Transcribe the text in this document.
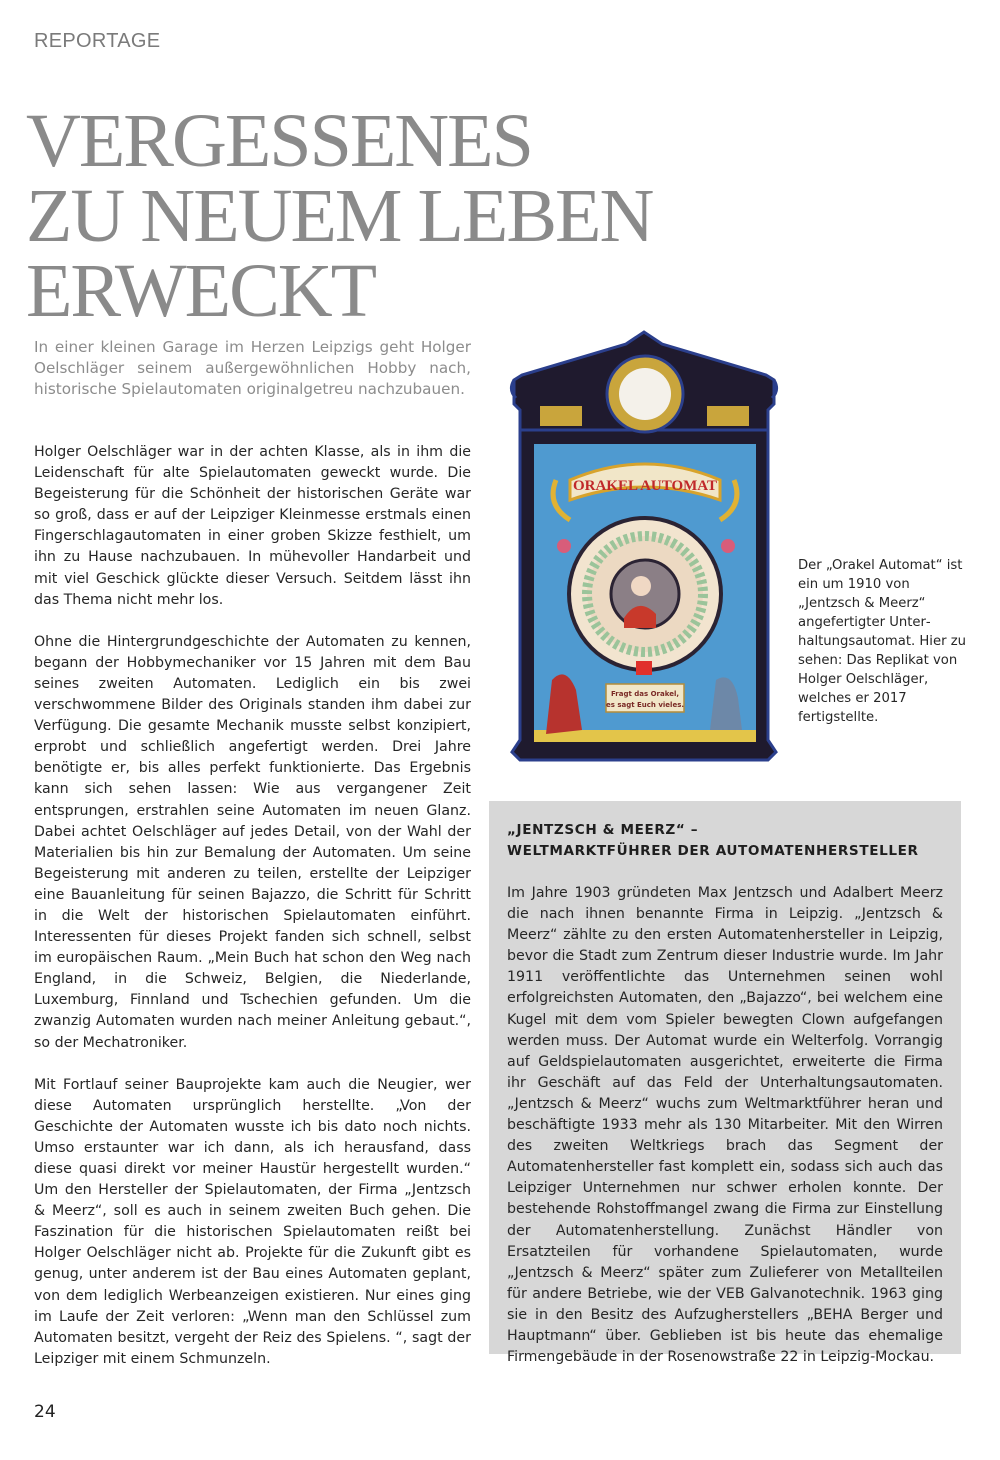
REPORTAGE
VERGESSENES
ZU NEUEM LEBEN
ERWECKT

In einer kleinen Garage im Herzen Leipzigs geht Holger Oelschläger seinem außergewöhnlichen Hobby nach, historische Spielautomaten originalgetreu nachzubauen.

Holger Oelschläger war in der achten Klasse, als in ihm die Leidenschaft für alte Spielautomaten geweckt wurde. Die Begeisterung für die Schönheit der historischen Geräte war so groß, dass er auf der Leipziger Kleinmesse erstmals einen Fingerschlagautomaten in einer groben Skizze festhielt, um ihn zu Hause nachzubauen. In mühevoller Handarbeit und mit viel Geschick glückte dieser Versuch. Seitdem lässt ihn das Thema nicht mehr los.

Ohne die Hintergrundgeschichte der Automaten zu kennen, begann der Hobbymechaniker vor 15 Jahren mit dem Bau seines zweiten Automaten. Lediglich ein bis zwei verschwommene Bilder des Originals standen ihm dabei zur Verfügung. Die gesamte Mechanik musste selbst konzipiert, erprobt und schließlich angefertigt werden. Drei Jahre benötigte er, bis alles perfekt funktionierte. Das Ergebnis kann sich sehen lassen: Wie aus vergangener Zeit entsprungen, erstrahlen seine Automaten im neuen Glanz. Dabei achtet Oelschläger auf jedes Detail, von der Wahl der Materialien bis hin zur Bemalung der Automaten. Um seine Begeisterung mit anderen zu teilen, erstellte der Leipziger eine Bauanleitung für seinen Bajazzo, die Schritt für Schritt in die Welt der historischen Spielautomaten einführt. Interessenten für dieses Projekt fanden sich schnell, selbst im europäischen Raum. „Mein Buch hat schon den Weg nach England, in die Schweiz, Belgien, die Niederlande, Luxemburg, Finnland und Tschechien gefunden. Um die zwanzig Automaten wurden nach meiner Anleitung gebaut.“, so der Mechatroniker.

Mit Fortlauf seiner Bauprojekte kam auch die Neugier, wer diese Automaten ursprünglich herstellte. „Von der Geschichte der Automaten wusste ich bis dato noch nichts. Umso erstaunter war ich dann, als ich herausfand, dass diese quasi direkt vor meiner Haustür hergestellt wurden.“ Um den Hersteller der Spielautomaten, der Firma „Jentzsch & Meerz“, soll es auch in seinem zweiten Buch gehen. Die Faszination für die historischen Spielautomaten reißt bei Holger Oelschläger nicht ab. Projekte für die Zukunft gibt es genug, unter anderem ist der Bau eines Automaten geplant, von dem lediglich Werbeanzeigen existieren. Nur eines ging im Laufe der Zeit verloren: „Wenn man den Schlüssel zum Automaten besitzt, vergeht der Reiz des Spielens. “, sagt der Leipziger mit einem Schmunzeln.

ORAKEL AUTOMAT
Fragt das Orakel,
es sagt Euch vieles.

Der „Orakel Automat“ ist ein um 1910 von „Jentzsch & Meerz“ angefertigter Unterhaltungsautomat. Hier zu sehen: Das Replikat von Holger Oelschläger, welches er 2017 fertigstellte.

„JENTZSCH & MEERZ“ –
WELTMARKTFÜHRER DER AUTOMATENHERSTELLER

Im Jahre 1903 gründeten Max Jentzsch und Adalbert Meerz die nach ihnen benannte Firma in Leipzig. „Jentzsch & Meerz“ zählte zu den ersten Automatenhersteller in Leipzig, bevor die Stadt zum Zentrum dieser Industrie wurde. Im Jahr 1911 veröffentlichte das Unternehmen seinen wohl erfolgreichsten Automaten, den „Bajazzo“, bei welchem eine Kugel mit dem vom Spieler bewegten Clown aufgefangen werden muss. Der Automat wurde ein Welterfolg. Vorrangig auf Geldspielautomaten ausgerichtet, erweiterte die Firma ihr Geschäft auf das Feld der Unterhaltungsautomaten. „Jentzsch & Meerz“ wuchs zum Weltmarktführer heran und beschäftigte 1933 mehr als 130 Mitarbeiter. Mit den Wirren des zweiten Weltkriegs brach das Segment der Automatenhersteller fast komplett ein, sodass sich auch das Leipziger Unternehmen nur schwer erholen konnte. Der bestehende Rohstoffmangel zwang die Firma zur Einstellung der Automatenherstellung. Zunächst Händler von Ersatzteilen für vorhandene Spielautomaten, wurde „Jentzsch & Meerz“ später zum Zulieferer von Metallteilen für andere Betriebe, wie der VEB Galvanotechnik. 1963 ging sie in den Besitz des Aufzugherstellers „BEHA Berger und Hauptmann“ über. Geblieben ist bis heute das ehemalige Firmengebäude in der Rosenowstraße 22 in Leipzig-Mockau.

24
